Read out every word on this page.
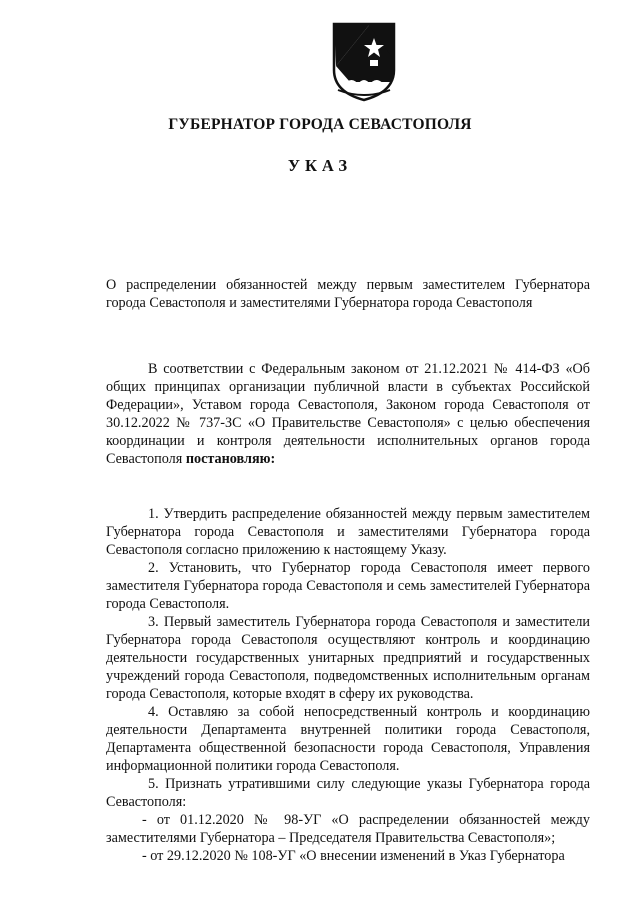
ГУБЕРНАТОР ГОРОДА СЕВАСТОПОЛЯ
УКАЗ
О распределении обязанностей между первым заместителем Губернатора города Севастополя и заместителями Губернатора города Севастополя

В соответствии с Федеральным законом от 21.12.2021 № 414-ФЗ «Об общих принципах организации публичной власти в субъектах Российской Федерации», Уставом города Севастополя, Законом города Севастополя от 30.12.2022 № 737-ЗС «О Правительстве Севастополя» с целью обеспечения координации и контроля деятельности исполнительных органов города Севастополя постановляю:

1. Утвердить распределение обязанностей между первым заместителем Губернатора города Севастополя и заместителями Губернатора города Севастополя согласно приложению к настоящему Указу.

2. Установить, что Губернатор города Севастополя имеет первого заместителя Губернатора города Севастополя и семь заместителей Губернатора города Севастополя.

3. Первый заместитель Губернатора города Севастополя и заместители Губернатора города Севастополя осуществляют контроль и координацию деятельности государственных унитарных предприятий и государственных учреждений города Севастополя, подведомственных исполнительным органам города Севастополя, которые входят в сферу их руководства.

4. Оставляю за собой непосредственный контроль и координацию деятельности Департамента внутренней политики города Севастополя, Департамента общественной безопасности города Севастополя, Управления информационной политики города Севастополя.

5. Признать утратившими силу следующие указы Губернатора города Севастополя:

- от 01.12.2020 № 98-УГ «О распределении обязанностей между заместителями Губернатора – Председателя Правительства Севастополя»;

- от 29.12.2020 № 108-УГ «О внесении изменений в Указ Губернатора
